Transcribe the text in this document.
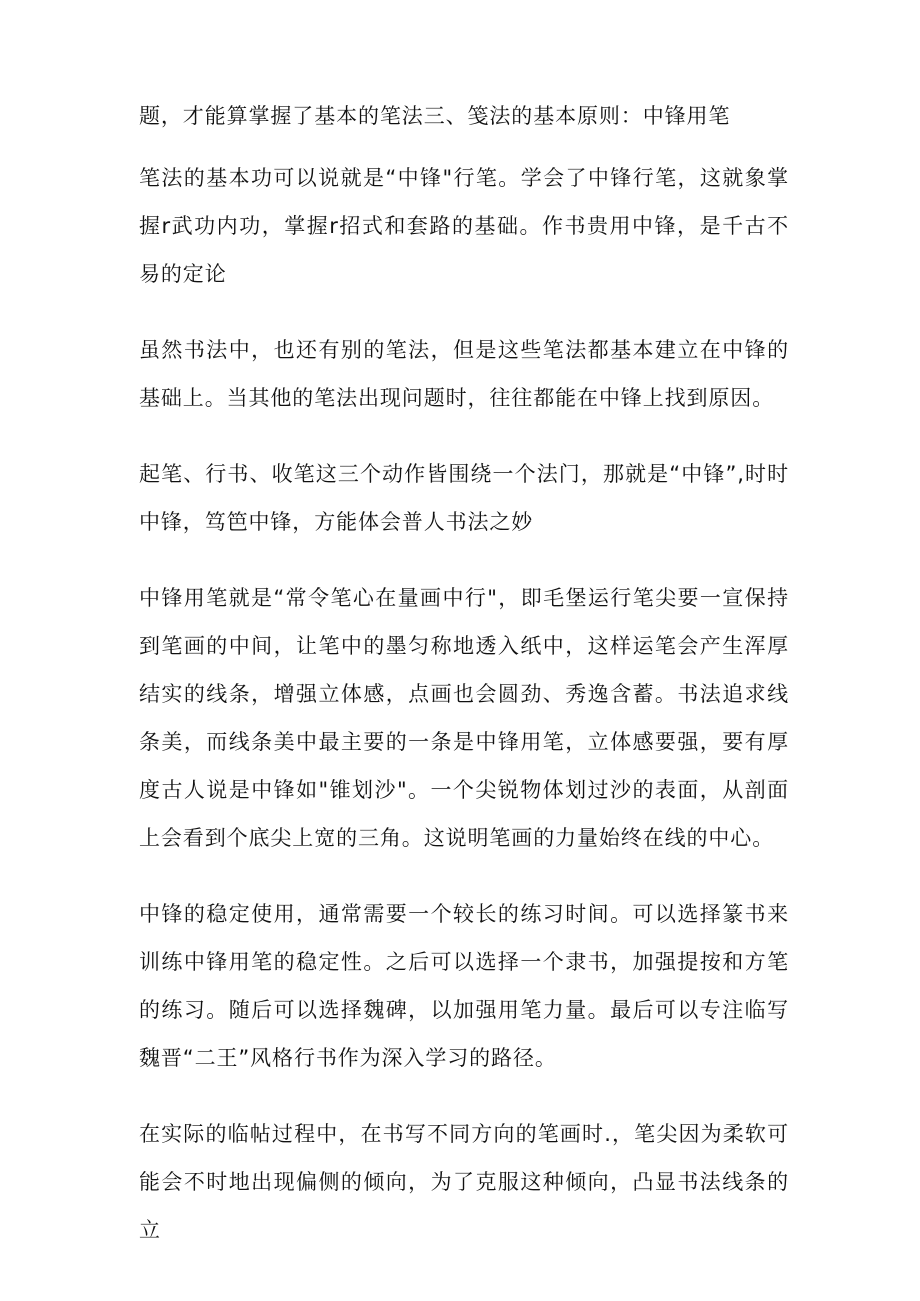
题，才能算掌握了基本的笔法三、笺法的基本原则：中锋用笔

笔法的基本功可以说就是“中锋"行笔。学会了中锋行笔，这就象掌握r武功内功，掌握r招式和套路的基础。作书贵用中锋，是千古不易的定论

虽然书法中，也还有别的笔法，但是这些笔法都基本建立在中锋的基础上。当其他的笔法出现问题时，往往都能在中锋上找到原因。

起笔、行书、收笔这三个动作皆围绕一个法门，那就是“中锋”,时时中锋，笃笆中锋，方能体会普人书法之妙

中锋用笔就是“常令笔心在量画中行"，即毛堡运行笔尖要一宣保持到笔画的中间，让笔中的墨匀称地透入纸中，这样运笔会产生浑厚结实的线条，增强立体感，点画也会圆劲、秀逸含蓄。书法追求线条美，而线条美中最主要的一条是中锋用笔，立体感要强，要有厚度古人说是中锋如"锥划沙"。一个尖锐物体划过沙的表面，从剖面上会看到个底尖上宽的三角。这说明笔画的力量始终在线的中心。

中锋的稳定使用，通常需要一个较长的练习时间。可以选择篆书来训练中锋用笔的稳定性。之后可以选择一个隶书，加强提按和方笔的练习。随后可以选择魏碑，以加强用笔力量。最后可以专注临写魏晋“二王”风格行书作为深入学习的路径。

在实际的临帖过程中，在书写不同方向的笔画时.，笔尖因为柔软可能会不时地出现偏侧的倾向，为了克服这种倾向，凸显书法线条的立
